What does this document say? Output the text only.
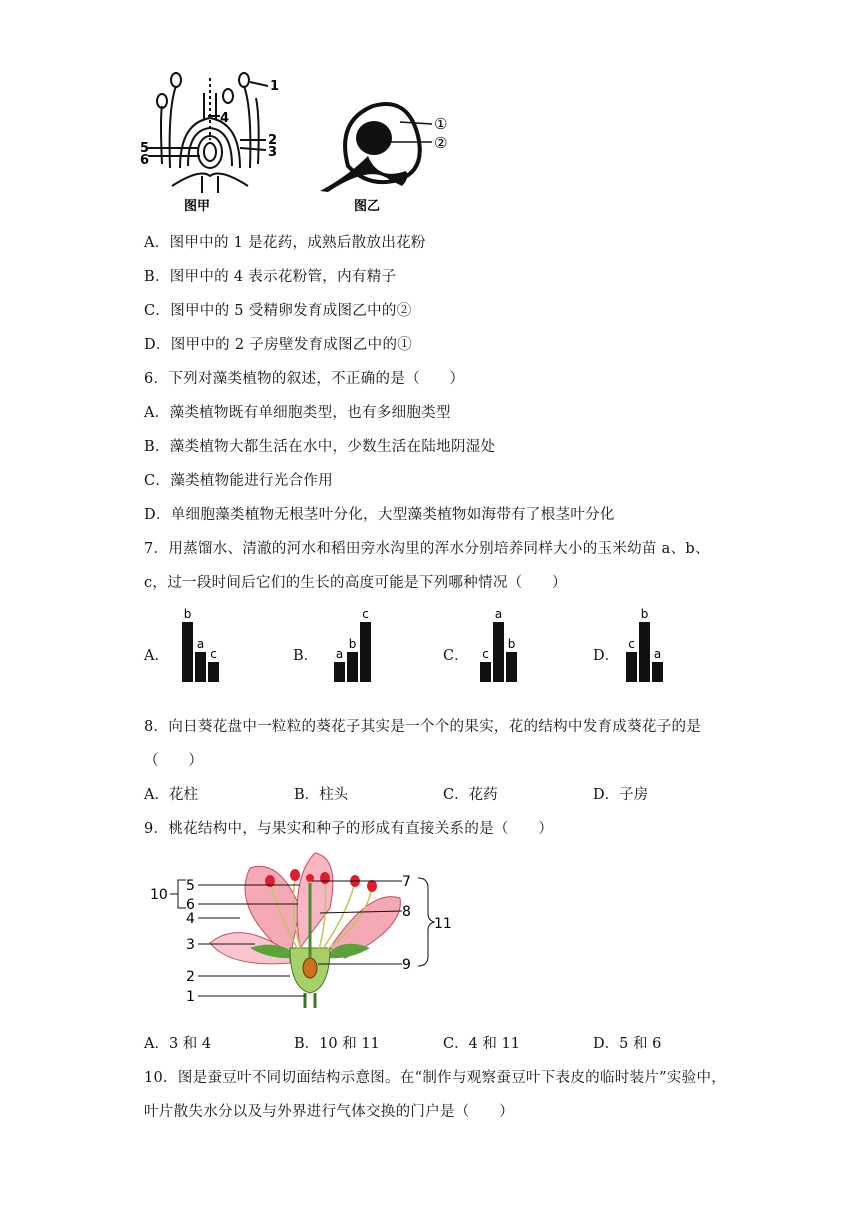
1
2
3
4
5
6
图甲
①
②
图乙
A．图甲中的 1 是花药，成熟后散放出花粉
B．图甲中的 4 表示花粉管，内有精子
C．图甲中的 5 受精卵发育成图乙中的②
D．图甲中的 2 子房壁发育成图乙中的①
6．下列对藻类植物的叙述，不正确的是（　　）
A．藻类植物既有单细胞类型，也有多细胞类型
B．藻类植物大都生活在水中，少数生活在陆地阴湿处
C．藻类植物能进行光合作用
D．单细胞藻类植物无根茎叶分化，大型藻类植物如海带有了根茎叶分化
7．用蒸馏水、清澈的河水和稻田旁水沟里的浑水分别培养同样大小的玉米幼苗 a、b、
c，过一段时间后它们的生长的高度可能是下列哪种情况（　　）
A．
b
a
c	B． a
b
c
C． c
a
b
D．
c
b
a
8．向日葵花盘中一粒粒的葵花子其实是一个个的果实，花的结构中发育成葵花子的是
（　　）
A．花柱	B．柱头	C．花药	D．子房
9．桃花结构中，与果实和种子的形成有直接关系的是（　　）
5
6
4
3
2
1
10
7
8
9
11
A．3 和 4	B．10 和 11	C．4 和 11	D．5 和 6
10．图是蚕豆叶不同切面结构示意图。在“制作与观察蚕豆叶下表皮的临时装片”实验中，
叶片散失水分以及与外界进行气体交换的门户是（　　）
